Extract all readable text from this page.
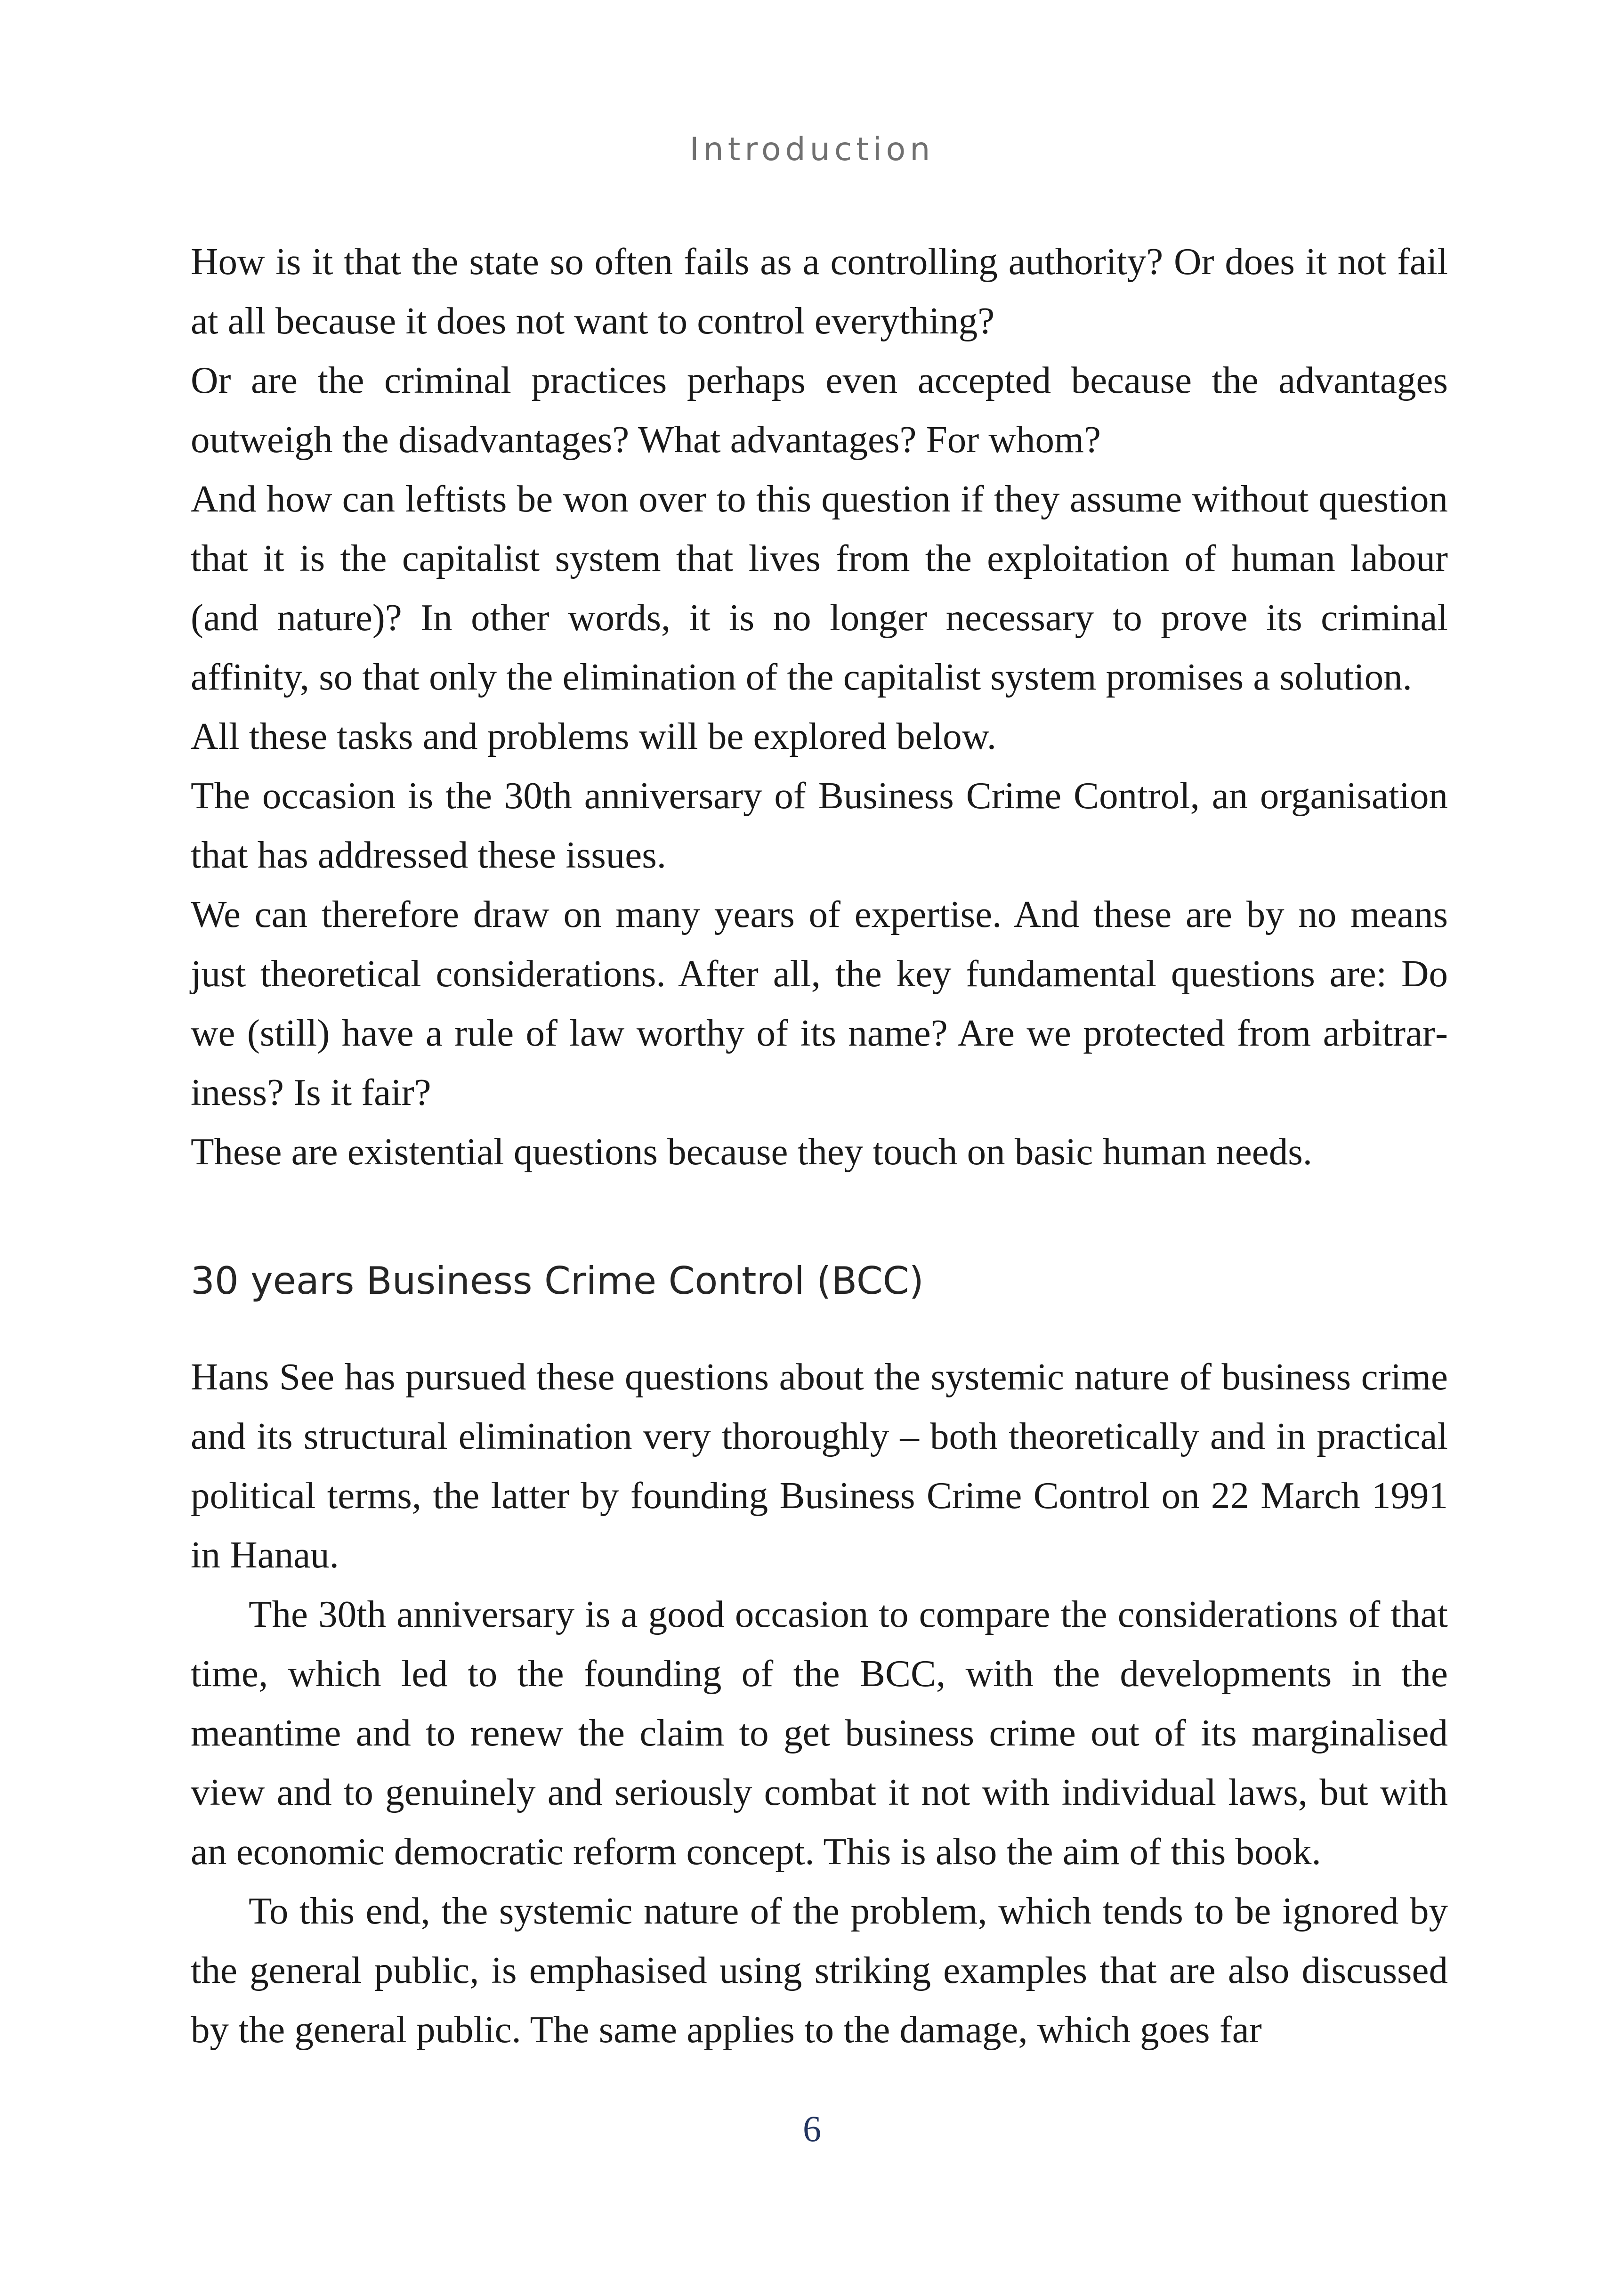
Introduction

How is it that the state so often fails as a controlling authority? Or does it not fail at all because it does not want to control everything?

Or are the criminal practices perhaps even accepted because the advantages outweigh the disadvantages? What advantages? For whom?

And how can leftists be won over to this question if they assume without question that it is the capitalist system that lives from the exploitation of human labour (and nature)? In other words, it is no longer necessary to prove its criminal affinity, so that only the elimination of the capitalist system promises a solution.

All these tasks and problems will be explored below.

The occasion is the 30th anniversary of Business Crime Control, an organisation that has addressed these issues.

We can therefore draw on many years of expertise. And these are by no means just theoretical considerations. After all, the key fundamental questions are: Do we (still) have a rule of law worthy of its name? Are we protected from arbitrariness? Is it fair?

These are existential questions because they touch on basic human needs.

30 years Business Crime Control (BCC)

Hans See has pursued these questions about the systemic nature of business crime and its structural elimination very thoroughly – both theoretically and in practical political terms, the latter by founding Business Crime Control on 22 March 1991 in Hanau.

The 30th anniversary is a good occasion to compare the considerations of that time, which led to the founding of the BCC, with the developments in the meantime and to renew the claim to get business crime out of its marginalised view and to genuinely and seriously combat it not with individual laws, but with an economic democratic reform concept. This is also the aim of this book.

To this end, the systemic nature of the problem, which tends to be ignored by the general public, is emphasised using striking examples that are also discussed by the general public. The same applies to the damage, which goes far

6
